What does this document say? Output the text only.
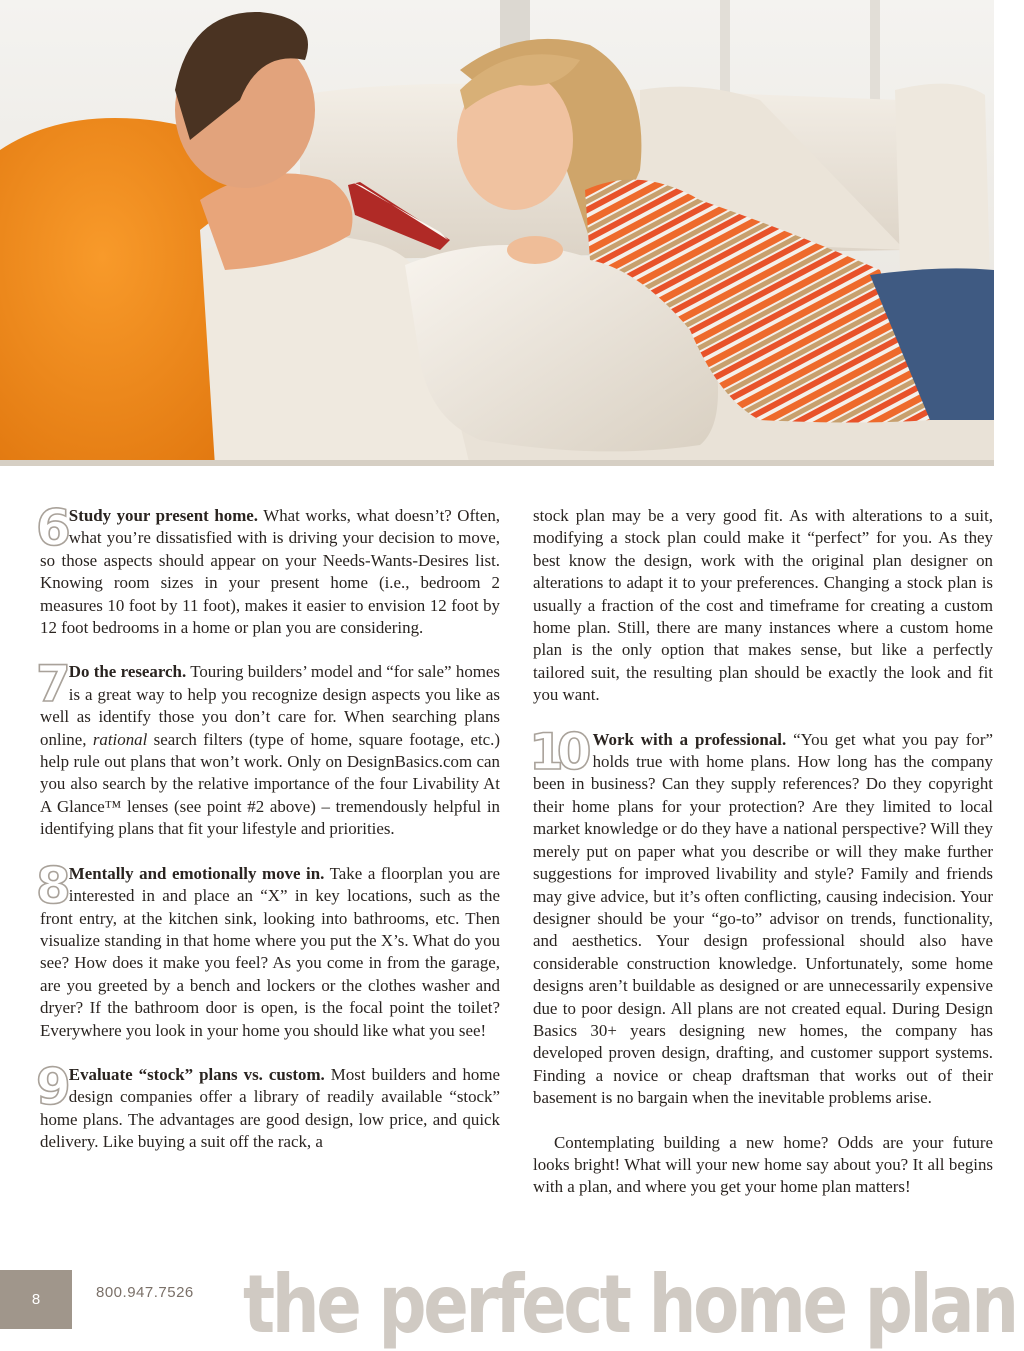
6 Study your present home. What works, what doesn’t? Often, what you’re dissatisfied with is driving your decision to move, so those aspects should appear on your Needs-Wants-Desires list. Knowing room sizes in your present home (i.e., bedroom 2 measures 10 foot by 11 foot), makes it easier to envision 12 foot by 12 foot bedrooms in a home or plan you are considering.

7 Do the research. Touring builders’ model and “for sale” homes is a great way to help you recognize design aspects you like as well as identify those you don’t care for. When searching plans online, rational search filters (type of home, square footage, etc.) help rule out plans that won’t work. Only on DesignBasics.com can you also search by the relative importance of the four Livability At A Glance™ lenses (see point #2 above) – tremendously helpful in identifying plans that fit your lifestyle and priorities.

8 Mentally and emotionally move in. Take a floorplan you are interested in and place an “X” in key locations, such as the front entry, at the kitchen sink, looking into bathrooms, etc. Then visualize standing in that home where you put the X’s. What do you see? How does it make you feel? As you come in from the garage, are you greeted by a bench and lockers or the clothes washer and dryer? If the bathroom door is open, is the focal point the toilet? Everywhere you look in your home you should like what you see!

9 Evaluate “stock” plans vs. custom. Most builders and home design companies offer a library of readily available “stock” home plans. The advantages are good design, low price, and quick delivery. Like buying a suit off the rack, a

stock plan may be a very good fit. As with alterations to a suit, modifying a stock plan could make it “perfect” for you. As they best know the design, work with the original plan designer on alterations to adapt it to your preferences. Changing a stock plan is usually a fraction of the cost and timeframe for creating a custom home plan. Still, there are many instances where a custom home plan is the only option that makes sense, but like a perfectly tailored suit, the resulting plan should be exactly the look and fit you want.

10 Work with a professional. “You get what you pay for” holds true with home plans. How long has the company been in business? Can they supply references? Do they copyright their home plans for your protection? Are they limited to local market knowledge or do they have a national perspective? Will they merely put on paper what you describe or will they make further suggestions for improved livability and style? Family and friends may give advice, but it’s often conflicting, causing indecision. Your designer should be your “go-to” advisor on trends, functionality, and aesthetics. Your design professional should also have considerable construction knowledge. Unfortunately, some home designs aren’t buildable as designed or are unnecessarily expensive due to poor design. All plans are not created equal. During Design Basics 30+ years designing new homes, the company has developed proven design, drafting, and customer support systems. Finding a novice or cheap draftsman that works out of their basement is no bargain when the inevitable problems arise.

Contemplating building a new home? Odds are your future looks bright! What will your new home say about you? It all begins with a plan, and where you get your home plan matters!

8	800.947.7526 the perfect home plan
